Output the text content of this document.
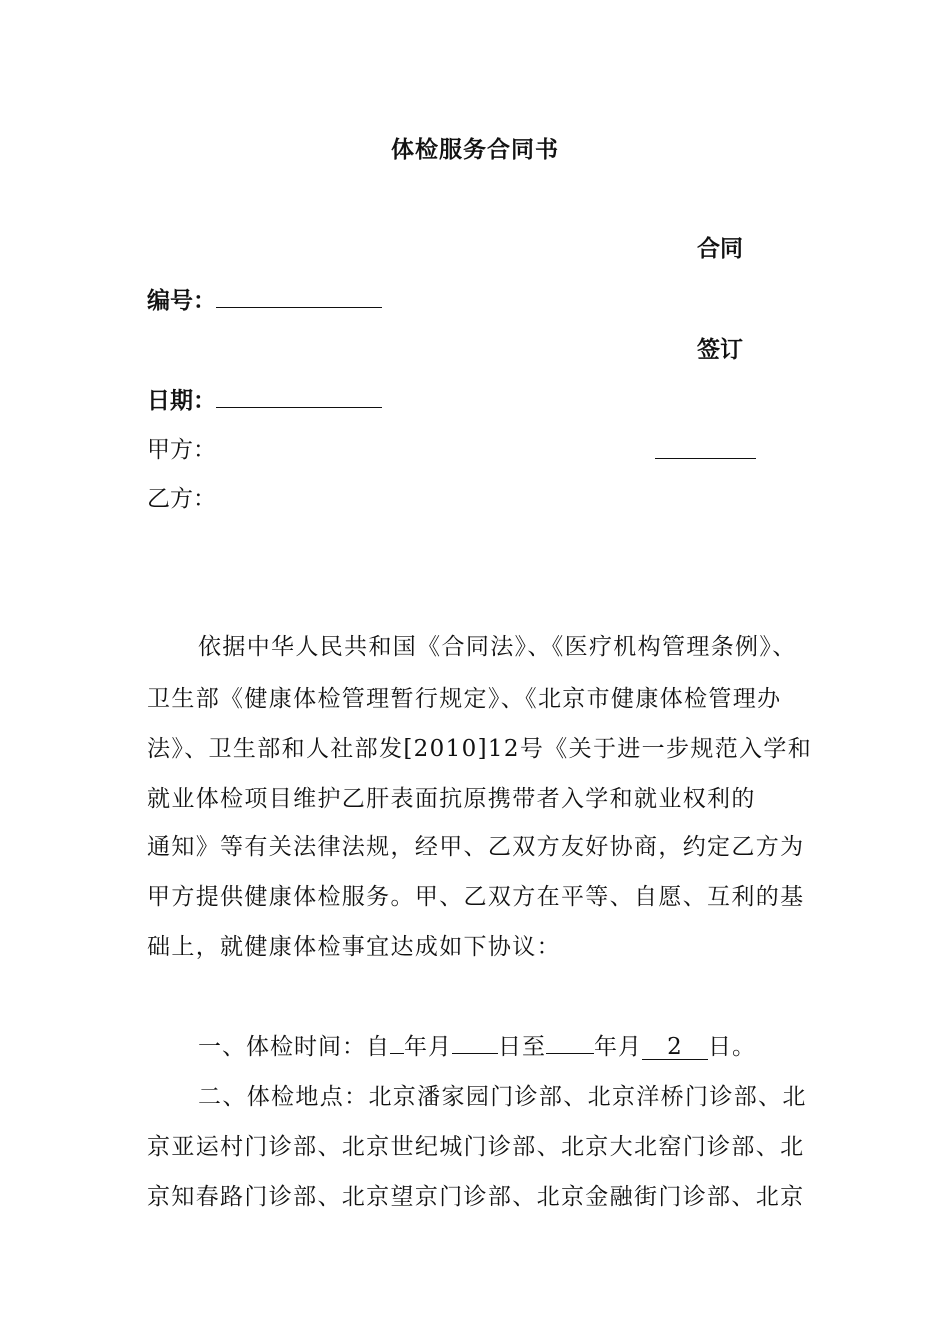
体检服务合同书
合同
编号：
签订
日期：
甲方：
乙方：
依据中华人民共和国《合同法》、《医疗机构管理条例》、
卫生部《健康体检管理暂行规定》、《北京市健康体检管理办
法》、卫生部和人社部发[2010]12号《关于进一步规范入学和
就业体检项目维护乙肝表面抗原携带者入学和就业权利的
通知》等有关法律法规，经甲、乙双方友好协商，约定乙方为
甲方提供健康体检服务。甲、乙双方在平等、自愿、互利的基
础上，就健康体检事宜达成如下协议：
一、体检时间：自 年月 日至 年月 2 日。
二、体检地点：北京潘家园门诊部、北京洋桥门诊部、北
京亚运村门诊部、北京世纪城门诊部、北京大北窑门诊部、北
京知春路门诊部、北京望京门诊部、北京金融街门诊部、北京
